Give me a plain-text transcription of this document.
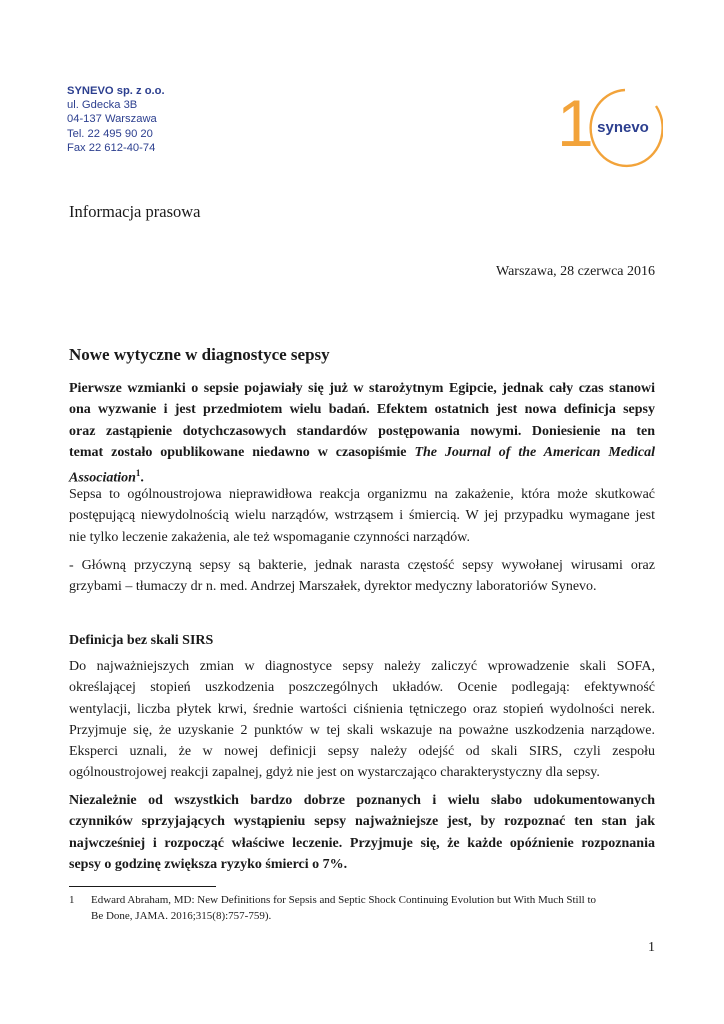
SYNEVO sp. z o.o.
ul. Gdecka 3B
04-137 Warszawa
Tel. 22 495 90 20
Fax 22 612-40-74	1 synevo
Informacja prasowa
Warszawa, 28 czerwca 2016
Nowe wytyczne w diagnostyce sepsy
Pierwsze wzmianki o sepsie pojawiały się już w starożytnym Egipcie, jednak cały czas stanowi
ona wyzwanie i jest przedmiotem wielu badań. Efektem ostatnich jest nowa definicja sepsy
oraz zastąpienie dotychczasowych standardów postępowania nowymi. Doniesienie na ten
temat zostało opublikowane niedawno w czasopiśmie The Journal of the American Medical
Association$^1$.
Sepsa to ogólnoustrojowa nieprawidłowa reakcja organizmu na zakażenie, która może skutkować
postępującą niewydolnością wielu narządów, wstrząsem i śmiercią. W jej przypadku wymagane jest
nie tylko leczenie zakażenia, ale też wspomaganie czynności narządów.
- Główną przyczyną sepsy są bakterie, jednak narasta częstość sepsy wywołanej wirusami oraz
grzybami – tłumaczy dr n. med. Andrzej Marszałek, dyrektor medyczny laboratoriów Synevo.
Definicja bez skali SIRS
Do najważniejszych zmian w diagnostyce sepsy należy zaliczyć wprowadzenie skali SOFA,
określającej stopień uszkodzenia poszczególnych układów. Ocenie podlegają: efektywność
wentylacji, liczba płytek krwi, średnie wartości ciśnienia tętniczego oraz stopień wydolności nerek.
Przyjmuje się, że uzyskanie 2 punktów w tej skali wskazuje na poważne uszkodzenia narządowe.
Eksperci uznali, że w nowej definicji sepsy należy odejść od skali SIRS, czyli zespołu
ogólnoustrojowej reakcji zapalnej, gdyż nie jest on wystarczająco charakterystyczny dla sepsy.
Niezależnie od wszystkich bardzo dobrze poznanych i wielu słabo udokumentowanych
czynników sprzyjających wystąpieniu sepsy najważniejsze jest, by rozpoznać ten stan jak
najwcześniej i rozpocząć właściwe leczenie. Przyjmuje się, że każde opóźnienie rozpoznania
sepsy o godzinę zwiększa ryzyko śmierci o 7%.
1 Edward Abraham, MD: New Definitions for Sepsis and Septic Shock Continuing Evolution but With Much Still to
Be Done, JAMA. 2016;315(8):757-759).
1
